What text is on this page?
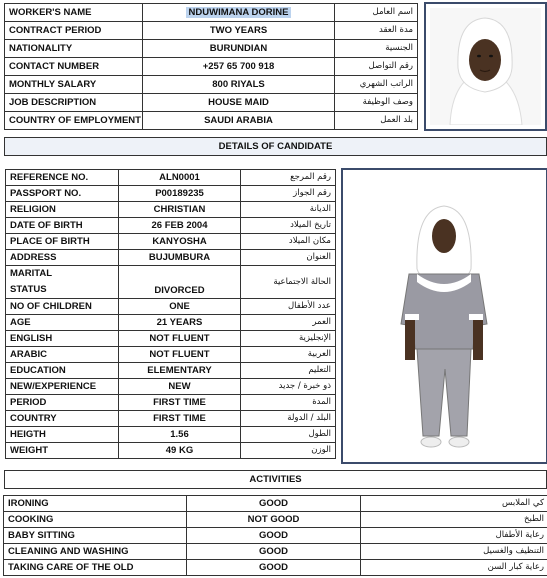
WORKER'S NAME	NDUWIMANA DORINE	اسم العامل
CONTRACT PERIOD	TWO YEARS	مدة العقد
NATIONALITY	BURUNDIAN	الجنسية
CONTACT NUMBER	+257 65 700 918	رقم التواصل
MONTHLY SALARY	800 RIYALS	الراتب الشهري
JOB DESCRIPTION	HOUSE MAID	وصف الوظيفة
COUNTRY OF EMPLOYMENT	SAUDI ARABIA	بلد العمل
DETAILS OF CANDIDATE
REFERENCE NO.	ALN0001	رقم المرجع
PASSPORT NO.	P00189235	رقم الجواز
RELIGION	CHRISTIAN	الديانة
DATE OF BIRTH	26 FEB 2004	تاريخ الميلاد
PLACE OF BIRTH	KANYOSHA	مكان الميلاد
ADDRESS	BUJUMBURA	العنوان
MARITAL
STATUS	DIVORCED	الحالة الاجتماعية
NO OF CHILDREN	ONE	عدد الأطفال
AGE	21 YEARS	العمر
ENGLISH	NOT FLUENT	الإنجليزية
ARABIC	NOT FLUENT	العربية
EDUCATION	ELEMENTARY	التعليم
NEW/EXPERIENCE	NEW	ذو خبرة / جديد
PERIOD	FIRST TIME	المدة
COUNTRY	FIRST TIME	البلد / الدولة
HEIGTH	1.56	الطول
WEIGHT	49 KG	الوزن
ACTIVITIES
IRONING	GOOD	كي الملابس
COOKING	NOT GOOD	الطبخ
BABY SITTING	GOOD	رعاية الأطفال
CLEANING AND WASHING	GOOD	التنظيف والغسيل
TAKING CARE OF THE OLD	GOOD	رعاية كبار السن
